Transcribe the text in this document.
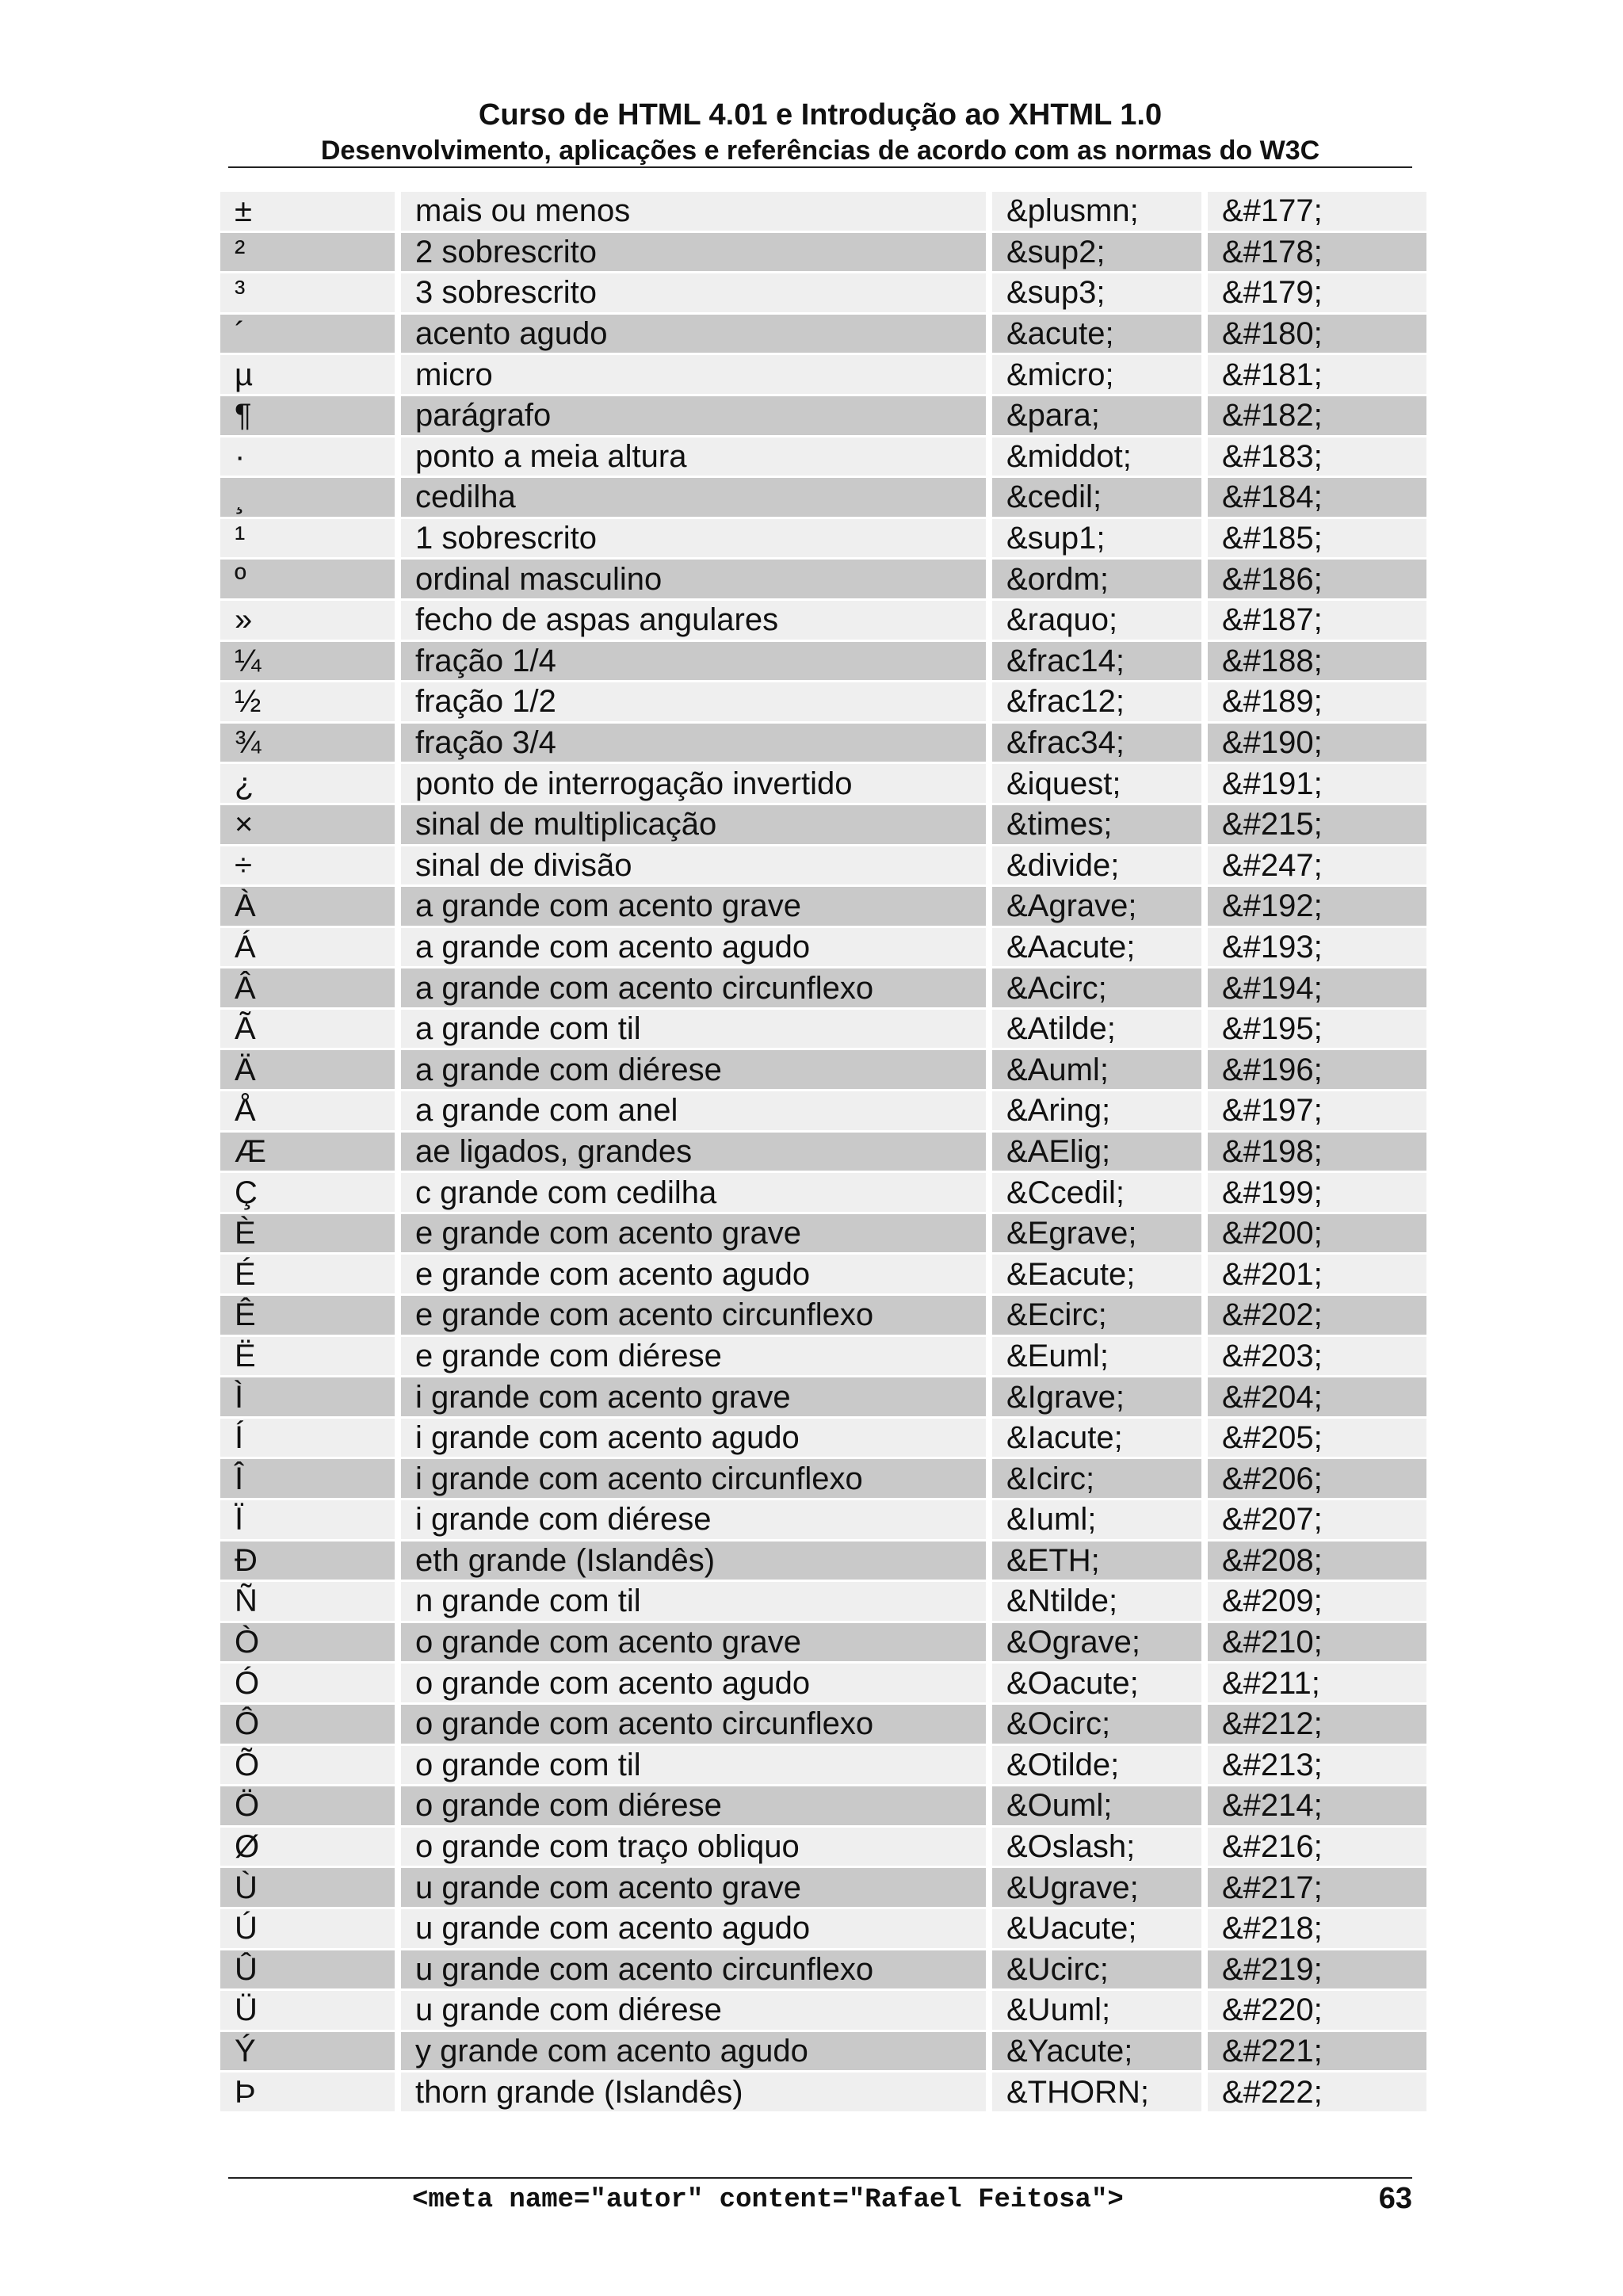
Curso de HTML 4.01 e Introdução ao XHTML 1.0
Desenvolvimento, aplicações e referências de acordo com as normas do W3C
±	mais ou menos	&plusmn;	&#177;
²	2 sobrescrito	&sup2;	&#178;
³	3 sobrescrito	&sup3;	&#179;
´	acento agudo	&acute;	&#180;
µ	micro	&micro;	&#181;
¶	parágrafo	&para;	&#182;
·	ponto a meia altura	&middot;	&#183;
¸	cedilha	&cedil;	&#184;
¹	1 sobrescrito	&sup1;	&#185;
º	ordinal masculino	&ordm;	&#186;
»	fecho de aspas angulares	&raquo;	&#187;
¼	fração 1/4	&frac14;	&#188;
½	fração 1/2	&frac12;	&#189;
¾	fração 3/4	&frac34;	&#190;
¿	ponto de interrogação invertido	&iquest;	&#191;
×	sinal de multiplicação	&times;	&#215;
÷	sinal de divisão	&divide;	&#247;
À	a grande com acento grave	&Agrave;	&#192;
Á	a grande com acento agudo	&Aacute;	&#193;
Â	a grande com acento circunflexo	&Acirc;	&#194;
Ã	a grande com til	&Atilde;	&#195;
Ä	a grande com diérese	&Auml;	&#196;
Å	a grande com anel	&Aring;	&#197;
Æ	ae ligados, grandes	&AElig;	&#198;
Ç	c grande com cedilha	&Ccedil;	&#199;
È	e grande com acento grave	&Egrave;	&#200;
É	e grande com acento agudo	&Eacute;	&#201;
Ê	e grande com acento circunflexo	&Ecirc;	&#202;
Ë	e grande com diérese	&Euml;	&#203;
Ì	i grande com acento grave	&Igrave;	&#204;
Í	i grande com acento agudo	&Iacute;	&#205;
Î	i grande com acento circunflexo	&Icirc;	&#206;
Ï	i grande com diérese	&Iuml;	&#207;
Ð	eth grande (Islandês)	&ETH;	&#208;
Ñ	n grande com til	&Ntilde;	&#209;
Ò	o grande com acento grave	&Ograve;	&#210;
Ó	o grande com acento agudo	&Oacute;	&#211;
Ô	o grande com acento circunflexo	&Ocirc;	&#212;
Õ	o grande com til	&Otilde;	&#213;
Ö	o grande com diérese	&Ouml;	&#214;
Ø	o grande com traço obliquo	&Oslash;	&#216;
Ù	u grande com acento grave	&Ugrave;	&#217;
Ú	u grande com acento agudo	&Uacute;	&#218;
Û	u grande com acento circunflexo	&Ucirc;	&#219;
Ü	u grande com diérese	&Uuml;	&#220;
Ý	y grande com acento agudo	&Yacute;	&#221;
Þ	thorn grande (Islandês)	&THORN;	&#222;
<meta name="autor" content="Rafael Feitosa">	63
